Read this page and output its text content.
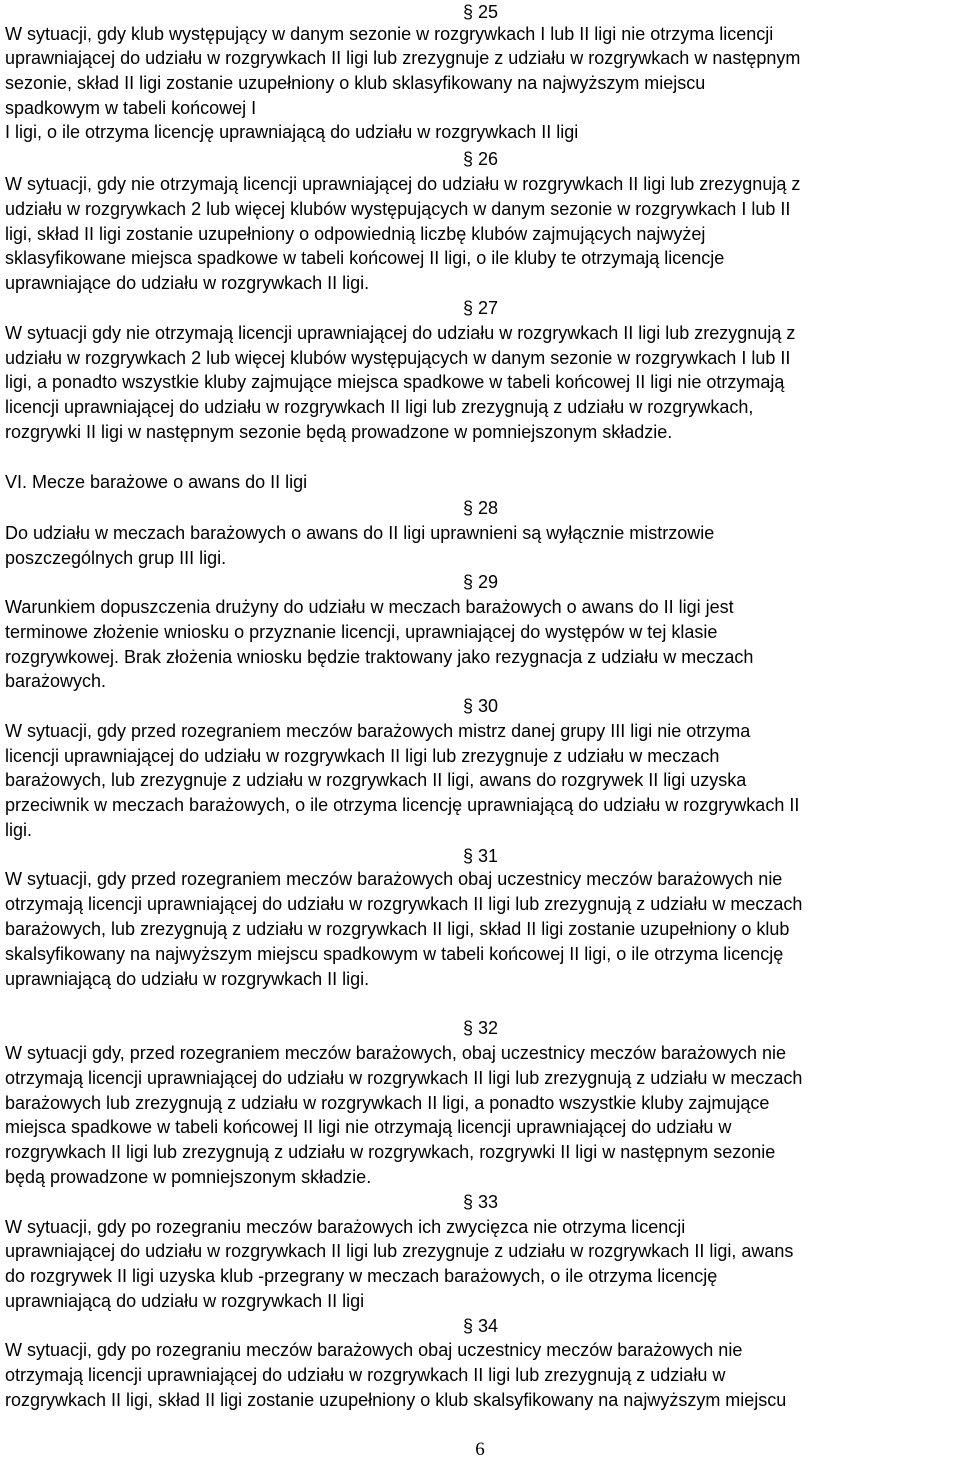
§ 25
W sytuacji, gdy klub występujący w danym sezonie w rozgrywkach I lub II ligi nie otrzyma licencji
uprawniającej do udziału w rozgrywkach II ligi lub zrezygnuje z udziału w rozgrywkach w następnym
sezonie, skład II ligi zostanie uzupełniony o klub sklasyfikowany na najwyższym miejscu
spadkowym w tabeli końcowej I
I ligi, o ile otrzyma licencję uprawniającą do udziału w rozgrywkach II ligi
§ 26
W sytuacji, gdy nie otrzymają licencji uprawniającej do udziału w rozgrywkach II ligi lub zrezygnują z
udziału w rozgrywkach 2 lub więcej klubów występujących w danym sezonie w rozgrywkach I lub II
ligi, skład II ligi zostanie uzupełniony o odpowiednią liczbę klubów zajmujących najwyżej
sklasyfikowane miejsca spadkowe w tabeli końcowej II ligi, o ile kluby te otrzymają licencje
uprawniające do udziału w rozgrywkach II ligi.
§ 27
W sytuacji gdy nie otrzymają licencji uprawniającej do udziału w rozgrywkach II ligi lub zrezygnują z
udziału w rozgrywkach 2 lub więcej klubów występujących w danym sezonie w rozgrywkach I lub II
ligi, a ponadto wszystkie kluby zajmujące miejsca spadkowe w tabeli końcowej II ligi nie otrzymają
licencji uprawniającej do udziału w rozgrywkach II ligi lub zrezygnują z udziału w rozgrywkach,
rozgrywki II ligi w następnym sezonie będą prowadzone w pomniejszonym składzie.
VI. Mecze barażowe o awans do II ligi
§ 28
Do udziału w meczach barażowych o awans do II ligi uprawnieni są wyłącznie mistrzowie
poszczególnych grup III ligi.
§ 29
Warunkiem dopuszczenia drużyny do udziału w meczach barażowych o awans do II ligi jest
terminowe złożenie wniosku o przyznanie licencji, uprawniającej do występów w tej klasie
rozgrywkowej. Brak złożenia wniosku będzie traktowany jako rezygnacja z udziału w meczach
barażowych.
§ 30
W sytuacji, gdy przed rozegraniem meczów barażowych mistrz danej grupy III ligi nie otrzyma
licencji uprawniającej do udziału w rozgrywkach II ligi lub zrezygnuje z udziału w meczach
barażowych, lub zrezygnuje z udziału w rozgrywkach II ligi, awans do rozgrywek II ligi uzyska
przeciwnik w meczach barażowych, o ile otrzyma licencję uprawniającą do udziału w rozgrywkach II
ligi.
§ 31
W sytuacji, gdy przed rozegraniem meczów barażowych obaj uczestnicy meczów barażowych nie
otrzymają licencji uprawniającej do udziału w rozgrywkach II ligi lub zrezygnują z udziału w meczach
barażowych, lub zrezygnują z udziału w rozgrywkach II ligi, skład II ligi zostanie uzupełniony o klub
skalsyfikowany na najwyższym miejscu spadkowym w tabeli końcowej II ligi, o ile otrzyma licencję
uprawniającą do udziału w rozgrywkach II ligi.
§ 32
W sytuacji gdy, przed rozegraniem meczów barażowych, obaj uczestnicy meczów barażowych nie
otrzymają licencji uprawniającej do udziału w rozgrywkach II ligi lub zrezygnują z udziału w meczach
barażowych lub zrezygnują z udziału w rozgrywkach II ligi, a ponadto wszystkie kluby zajmujące
miejsca spadkowe w tabeli końcowej II ligi nie otrzymają licencji uprawniającej do udziału w
rozgrywkach II ligi lub zrezygnują z udziału w rozgrywkach, rozgrywki II ligi w następnym sezonie
będą prowadzone w pomniejszonym składzie.
§ 33
W sytuacji, gdy po rozegraniu meczów barażowych ich zwycięzca nie otrzyma licencji
uprawniającej do udziału w rozgrywkach II ligi lub zrezygnuje z udziału w rozgrywkach II ligi, awans
do rozgrywek II ligi uzyska klub -przegrany w meczach barażowych, o ile otrzyma licencję
uprawniającą do udziału w rozgrywkach II ligi
§ 34
W sytuacji, gdy po rozegraniu meczów barażowych obaj uczestnicy meczów barażowych nie
otrzymają licencji uprawniającej do udziału w rozgrywkach II ligi lub zrezygnują z udziału w
rozgrywkach II ligi, skład II ligi zostanie uzupełniony o klub skalsyfikowany na najwyższym miejscu
6
